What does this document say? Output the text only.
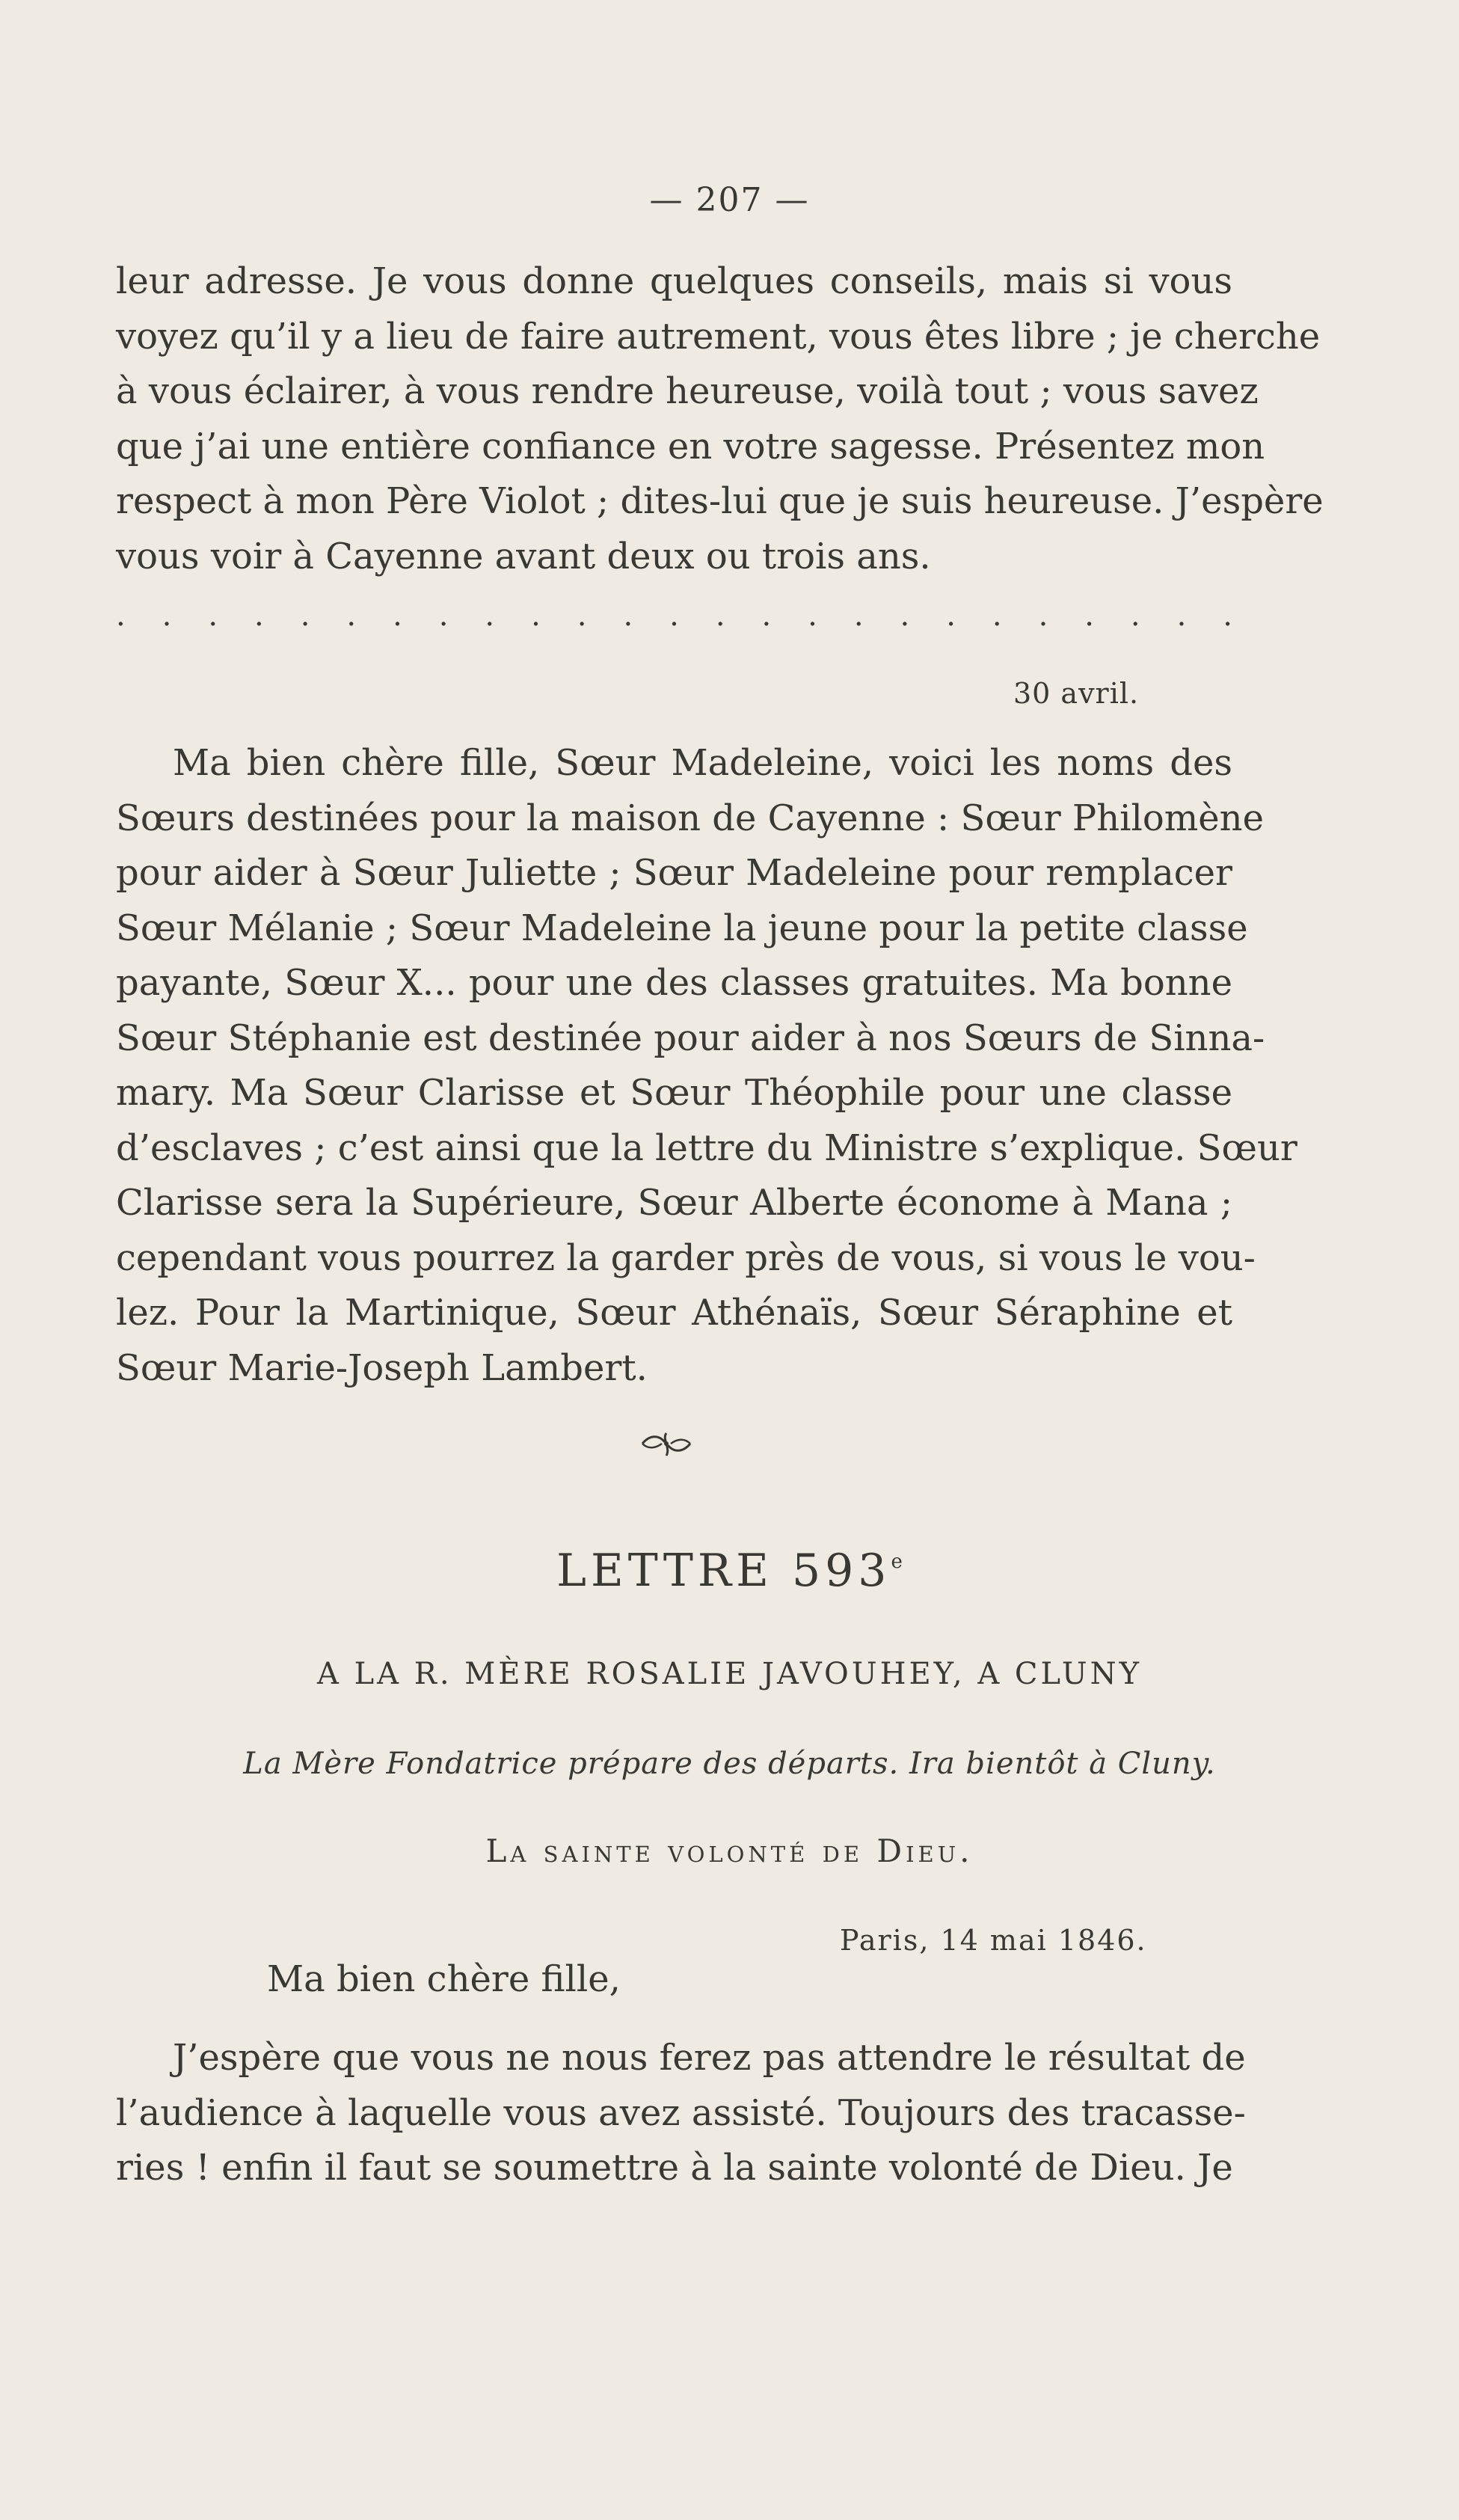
— 207 —
leur adresse. Je vous donne quelques conseils, mais si vous
voyez qu’il y a lieu de faire autrement, vous êtes libre ; je cherche
à vous éclairer, à vous rendre heureuse, voilà tout ; vous savez
que j’ai une entière confiance en votre sagesse. Présentez mon
respect à mon Père Violot ; dites-lui que je suis heureuse. J’espère
vous voir à Cayenne avant deux ou trois ans.
. . . . . . . . . . . . . . . . . . . . . . . . .
30 avril.
Ma bien chère fille, Sœur Madeleine, voici les noms des
Sœurs destinées pour la maison de Cayenne : Sœur Philomène
pour aider à Sœur Juliette ; Sœur Madeleine pour remplacer
Sœur Mélanie ; Sœur Madeleine la jeune pour la petite classe
payante, Sœur X... pour une des classes gratuites. Ma bonne
Sœur Stéphanie est destinée pour aider à nos Sœurs de Sinna-
mary. Ma Sœur Clarisse et Sœur Théophile pour une classe
d’esclaves ; c’est ainsi que la lettre du Ministre s’explique. Sœur
Clarisse sera la Supérieure, Sœur Alberte économe à Mana ;
cependant vous pourrez la garder près de vous, si vous le vou-
lez. Pour la Martinique, Sœur Athénaïs, Sœur Séraphine et
Sœur Marie-Joseph Lambert.
LETTRE 593e
A LA R. MÈRE ROSALIE JAVOUHEY, A CLUNY
La Mère Fondatrice prépare des départs. Ira bientôt à Cluny.
La sainte volonté de Dieu.
Paris, 14 mai 1846.
Ma bien chère fille,
J’espère que vous ne nous ferez pas attendre le résultat de
l’audience à laquelle vous avez assisté. Toujours des tracasse-
ries ! enfin il faut se soumettre à la sainte volonté de Dieu. Je
